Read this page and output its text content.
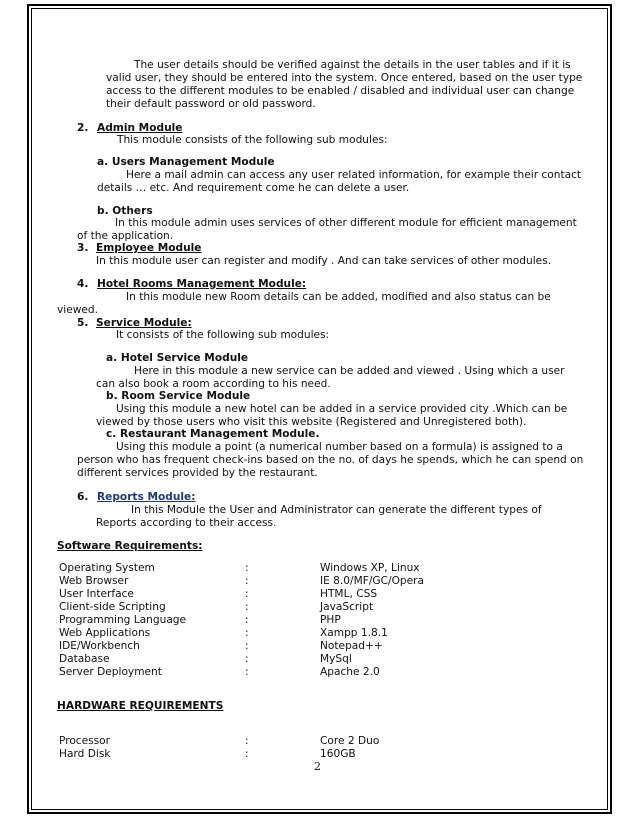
The user details should be verified against the details in the user tables and if it is
valid user, they should be entered into the system. Once entered, based on the user type
access to the different modules to be enabled / disabled and individual user can change
their default password or old password.
2. Admin Module
This module consists of the following sub modules:
a. Users Management Module
Here a mail admin can access any user related information, for example their contact
details … etc. And requirement come he can delete a user.
b. Others
In this module admin uses services of other different module for efficient management
of the application.
3. Employee Module
In this module user can register and modify . And can take services of other modules.
4. Hotel Rooms Management Module:
In this module new Room details can be added, modified and also status can be
viewed.
5. Service Module:
It consists of the following sub modules:
a. Hotel Service Module
Here in this module a new service can be added and viewed . Using which a user
can also book a room according to his need.
b. Room Service Module
Using this module a new hotel can be added in a service provided city .Which can be
viewed by those users who visit this website (Registered and Unregistered both).
c. Restaurant Management Module.
Using this module a point (a numerical number based on a formula) is assigned to a
person who has frequent check-ins based on the no. of days he spends, which he can spend on
different services provided by the restaurant.
6. Reports Module:
In this Module the User and Administrator can generate the different types of
Reports according to their access.
Software Requirements:
Operating System	:	Windows XP, Linux
Web Browser	:	IE 8.0/MF/GC/Opera
User Interface	:	HTML, CSS
Client-side Scripting	:	JavaScript
Programming Language	:	PHP
Web Applications	:	Xampp 1.8.1
IDE/Workbench	:	Notepad++
Database	:	MySql
Server Deployment	:	Apache 2.0
HARDWARE REQUIREMENTS
Processor	:	Core 2 Duo
Hard Disk	:	160GB
2
